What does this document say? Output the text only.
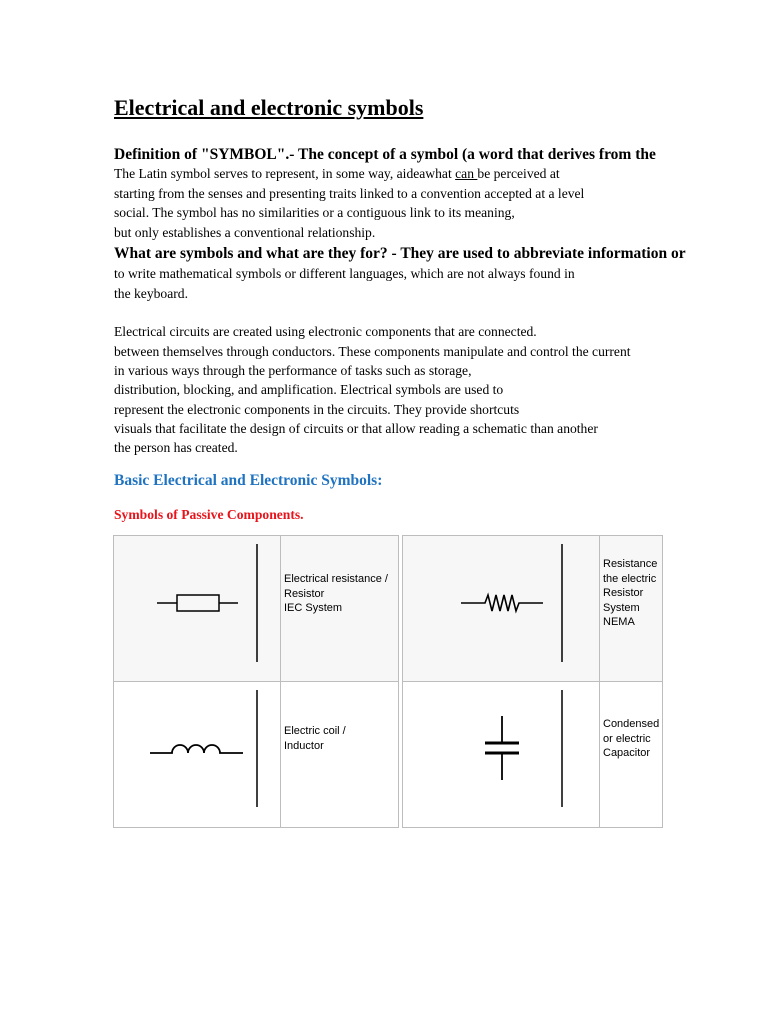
Electrical and electronic symbols

Definition of "SYMBOL".- The concept of a symbol (a word that derives from the

The Latin symbol serves to represent, in some way, aideawhat can be perceived at

starting from the senses and presenting traits linked to a convention accepted at a level

social. The symbol has no similarities or a contiguous link to its meaning,

but only establishes a conventional relationship.

What are symbols and what are they for? - They are used to abbreviate information or

to write mathematical symbols or different languages, which are not always found in

the keyboard.

Electrical circuits are created using electronic components that are connected.

between themselves through conductors. These components manipulate and control the current

in various ways through the performance of tasks such as storage,

distribution, blocking, and amplification. Electrical symbols are used to

represent the electronic components in the circuits. They provide shortcuts

visuals that facilitate the design of circuits or that allow reading a schematic than another

the person has created.

Basic Electrical and Electronic Symbols:
Symbols of Passive Components.
Electrical resistance /
Resistor
IEC System
Electric coil /
Inductor
Resistance
the electric
Resistor
System
NEMA
Condensed
or electric
Capacitor
